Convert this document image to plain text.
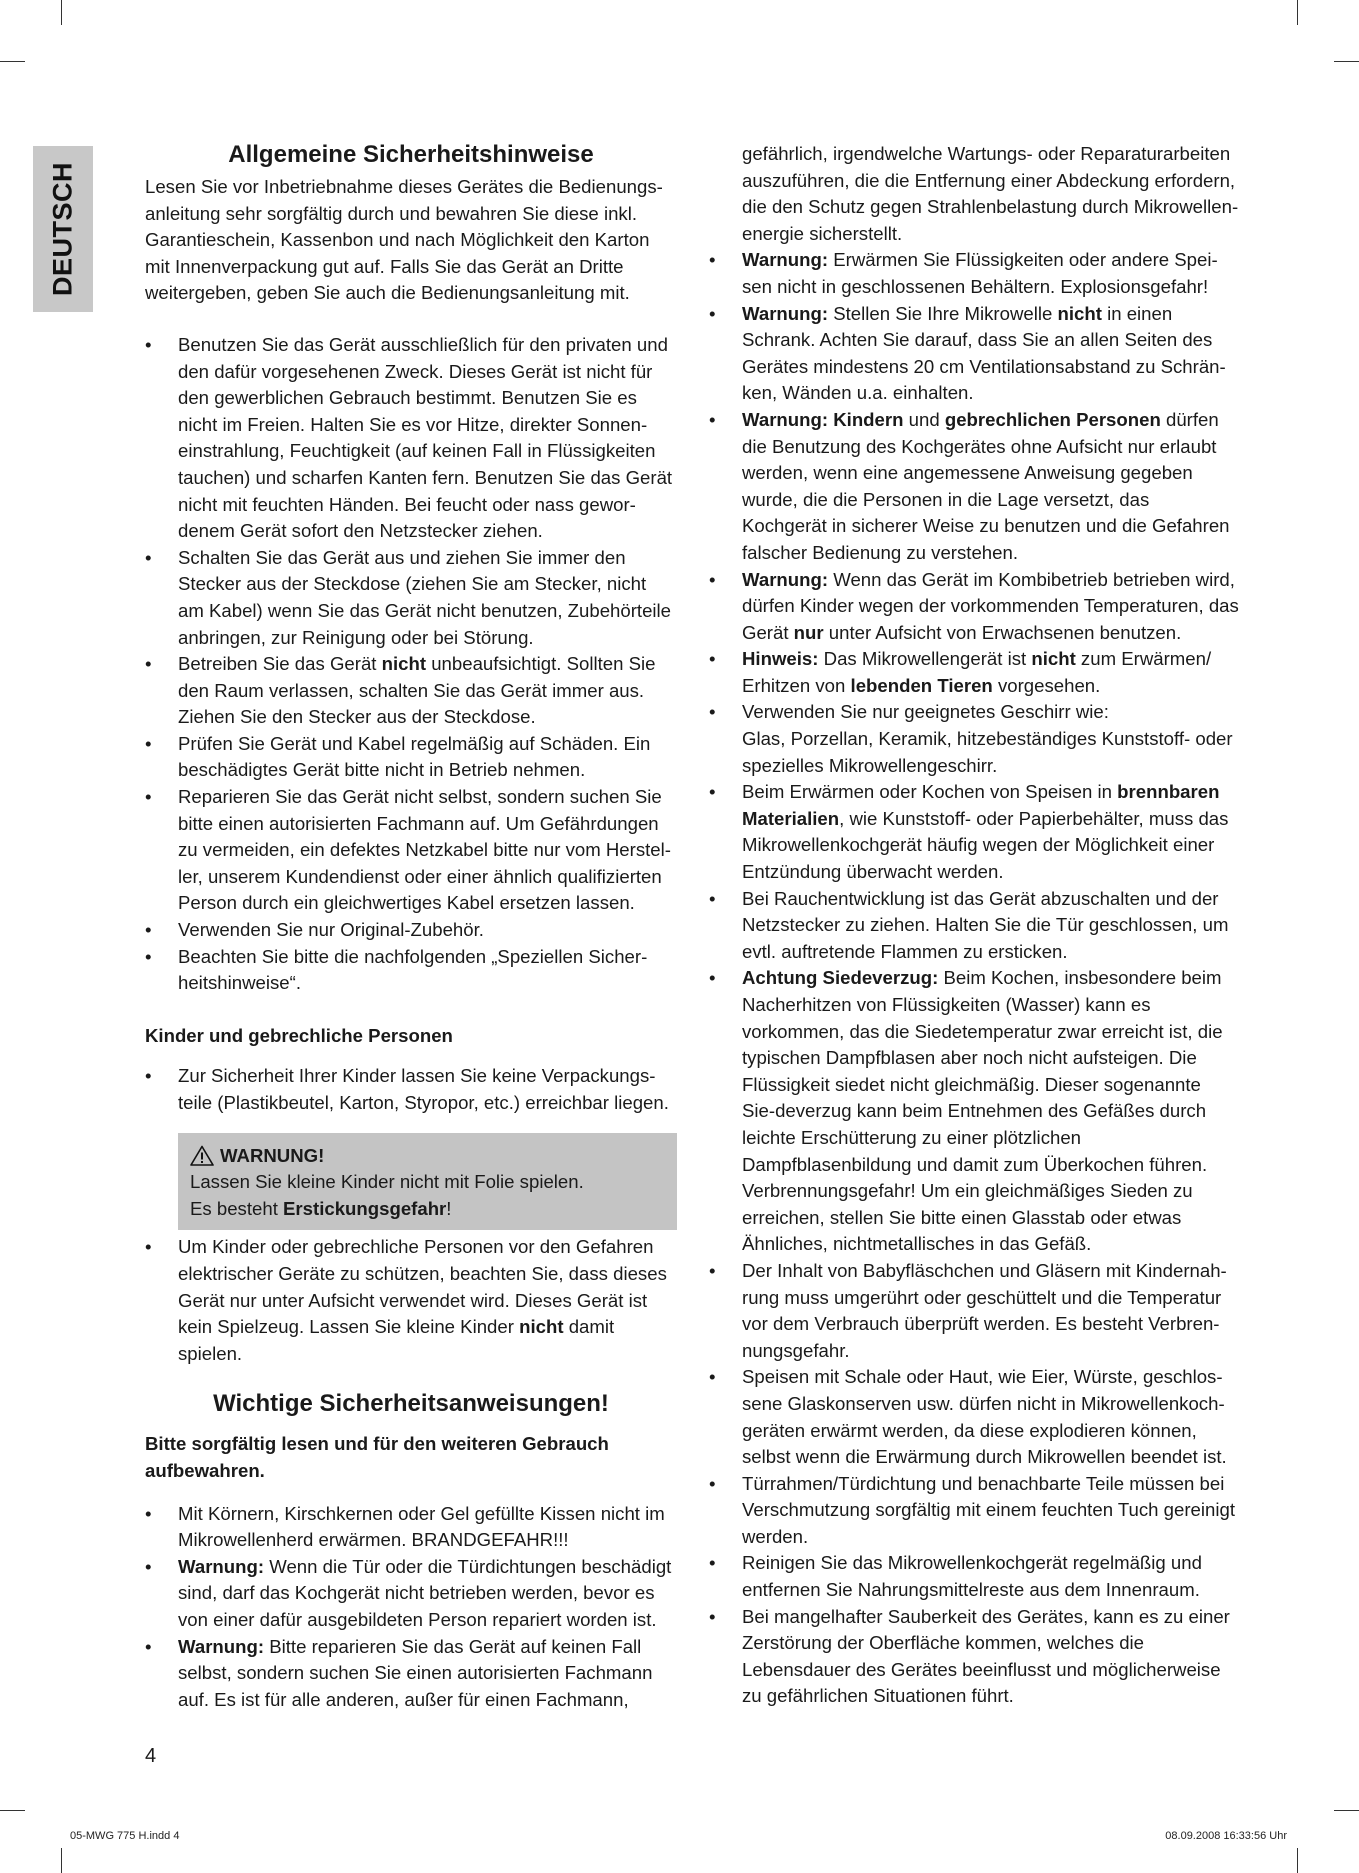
DEUTSCH
Allgemeine Sicherheitshinweise

Lesen Sie vor Inbetriebnahme dieses Gerätes die Bedienungs-anleitung sehr sorgfältig durch und bewahren Sie diese inkl. Garantieschein, Kassenbon und nach Möglichkeit den Karton mit Innenverpackung gut auf. Falls Sie das Gerät an Dritte weitergeben, geben Sie auch die Bedienungsanleitung mit.

• Benutzen Sie das Gerät ausschließlich für den privaten und den dafür vorgesehenen Zweck. Dieses Gerät ist nicht für den gewerblichen Gebrauch bestimmt. Benutzen Sie es nicht im Freien. Halten Sie es vor Hitze, direkter Sonnen-einstrahlung, Feuchtigkeit (auf keinen Fall in Flüssigkeiten tauchen) und scharfen Kanten fern. Benutzen Sie das Gerät nicht mit feuchten Händen. Bei feucht oder nass gewor-denem Gerät sofort den Netzstecker ziehen.
• Schalten Sie das Gerät aus und ziehen Sie immer den Stecker aus der Steckdose (ziehen Sie am Stecker, nicht am Kabel) wenn Sie das Gerät nicht benutzen, Zubehörteile anbringen, zur Reinigung oder bei Störung.
• Betreiben Sie das Gerät nicht unbeaufsichtigt. Sollten Sie den Raum verlassen, schalten Sie das Gerät immer aus. Ziehen Sie den Stecker aus der Steckdose.
• Prüfen Sie Gerät und Kabel regelmäßig auf Schäden. Ein beschädigtes Gerät bitte nicht in Betrieb nehmen.
• Reparieren Sie das Gerät nicht selbst, sondern suchen Sie bitte einen autorisierten Fachmann auf. Um Gefährdungen zu vermeiden, ein defektes Netzkabel bitte nur vom Herstel-ler, unserem Kundendienst oder einer ähnlich qualifizierten Person durch ein gleichwertiges Kabel ersetzen lassen.
• Verwenden Sie nur Original-Zubehör.
• Beachten Sie bitte die nachfolgenden „Speziellen Sicher-heitshinweise“.

Kinder und gebrechliche Personen

• Zur Sicherheit Ihrer Kinder lassen Sie keine Verpackungs-teile (Plastikbeutel, Karton, Styropor, etc.) erreichbar liegen.
WARNUNG!
Lassen Sie kleine Kinder nicht mit Folie spielen.
Es besteht Erstickungsgefahr!
• Um Kinder oder gebrechliche Personen vor den Gefahren elektrischer Geräte zu schützen, beachten Sie, dass dieses Gerät nur unter Aufsicht verwendet wird. Dieses Gerät ist kein Spielzeug. Lassen Sie kleine Kinder nicht damit spielen.
Wichtige Sicherheitsanweisungen!

Bitte sorgfältig lesen und für den weiteren Gebrauch aufbewahren.

• Mit Körnern, Kirschkernen oder Gel gefüllte Kissen nicht im Mikrowellenherd erwärmen. BRANDGEFAHR!!!
• Warnung: Wenn die Tür oder die Türdichtungen beschädigt sind, darf das Kochgerät nicht betrieben werden, bevor es von einer dafür ausgebildeten Person repariert worden ist.
• Warnung: Bitte reparieren Sie das Gerät auf keinen Fall selbst, sondern suchen Sie einen autorisierten Fachmann auf. Es ist für alle anderen, außer für einen Fachmann,

gefährlich, irgendwelche Wartungs- oder Reparaturarbeiten auszuführen, die die Entfernung einer Abdeckung erfordern, die den Schutz gegen Strahlenbelastung durch Mikrowellen-energie sicherstellt.

• Warnung: Erwärmen Sie Flüssigkeiten oder andere Spei-sen nicht in geschlossenen Behältern. Explosionsgefahr!
• Warnung: Stellen Sie Ihre Mikrowelle nicht in einen Schrank. Achten Sie darauf, dass Sie an allen Seiten des Gerätes mindestens 20 cm Ventilationsabstand zu Schrän-ken, Wänden u.a. einhalten.
• Warnung: Kindern und gebrechlichen Personen dürfen die Benutzung des Kochgerätes ohne Aufsicht nur erlaubt werden, wenn eine angemessene Anweisung gegeben wurde, die die Personen in die Lage versetzt, das Kochgerät in sicherer Weise zu benutzen und die Gefahren falscher Bedienung zu verstehen.
• Warnung: Wenn das Gerät im Kombibetrieb betrieben wird, dürfen Kinder wegen der vorkommenden Temperaturen, das Gerät nur unter Aufsicht von Erwachsenen benutzen.
• Hinweis: Das Mikrowellengerät ist nicht zum Erwärmen/ Erhitzen von lebenden Tieren vorgesehen.
• Verwenden Sie nur geeignetes Geschirr wie:
Glas, Porzellan, Keramik, hitzebeständiges Kunststoff- oder spezielles Mikrowellengeschirr.
• Beim Erwärmen oder Kochen von Speisen in brennbaren Materialien, wie Kunststoff- oder Papierbehälter, muss das Mikrowellenkochgerät häufig wegen der Möglichkeit einer Entzündung überwacht werden.
• Bei Rauchentwicklung ist das Gerät abzuschalten und der Netzstecker zu ziehen. Halten Sie die Tür geschlossen, um evtl. auftretende Flammen zu ersticken.
• Achtung Siedeverzug: Beim Kochen, insbesondere beim Nacherhitzen von Flüssigkeiten (Wasser) kann es vorkommen, das die Siedetemperatur zwar erreicht ist, die typischen Dampfblasen aber noch nicht aufsteigen. Die Flüssigkeit siedet nicht gleichmäßig. Dieser sogenannte Sie-deverzug kann beim Entnehmen des Gefäßes durch leichte Erschütterung zu einer plötzlichen Dampfblasenbildung und damit zum Überkochen führen. Verbrennungsgefahr! Um ein gleichmäßiges Sieden zu erreichen, stellen Sie bitte einen Glasstab oder etwas Ähnliches, nichtmetallisches in das Gefäß.
• Der Inhalt von Babyfläschchen und Gläsern mit Kindernah-rung muss umgerührt oder geschüttelt und die Temperatur vor dem Verbrauch überprüft werden. Es besteht Verbren-nungsgefahr.
• Speisen mit Schale oder Haut, wie Eier, Würste, geschlos-sene Glaskonserven usw. dürfen nicht in Mikrowellenkoch-geräten erwärmt werden, da diese explodieren können, selbst wenn die Erwärmung durch Mikrowellen beendet ist.
• Türrahmen/Türdichtung und benachbarte Teile müssen bei Verschmutzung sorgfältig mit einem feuchten Tuch gereinigt werden.
• Reinigen Sie das Mikrowellenkochgerät regelmäßig und entfernen Sie Nahrungsmittelreste aus dem Innenraum.
• Bei mangelhafter Sauberkeit des Gerätes, kann es zu einer Zerstörung der Oberfläche kommen, welches die Lebensdauer des Gerätes beeinflusst und möglicherweise zu gefährlichen Situationen führt.
4
05-MWG 775 H.indd 4	08.09.2008 16:33:56 Uhr
